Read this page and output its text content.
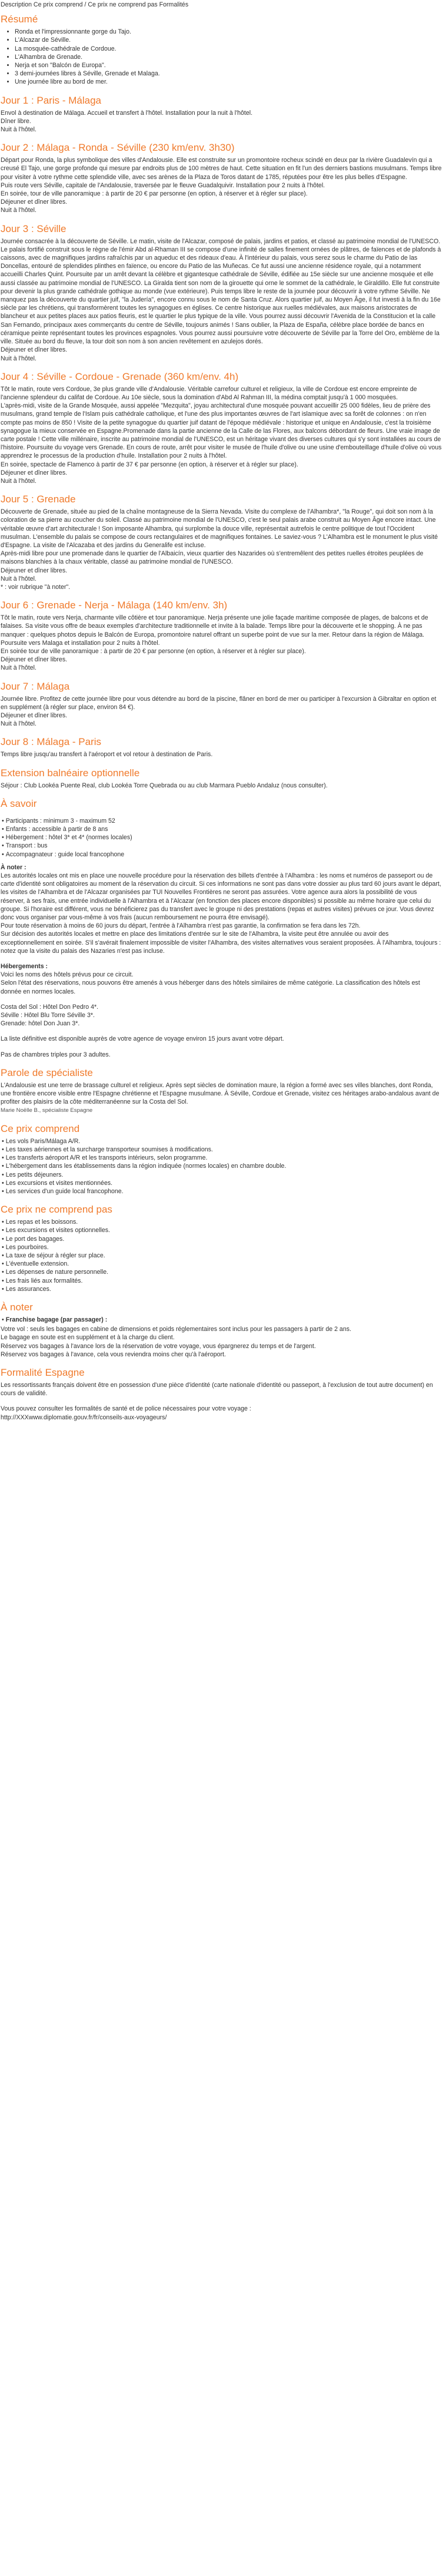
Description Ce prix comprend / Ce prix ne comprend pas Formalités

Résumé
• Ronda et l'impressionnante gorge du Tajo.
• L'Alcazar de Séville.
• La mosquée-cathédrale de Cordoue.
• L'Alhambra de Grenade.
• Nerja et son "Balcón de Europa".
• 3 demi-journées libres à Séville, Grenade et Malaga.
• Une journée libre au bord de mer.
Jour 1 : Paris - Málaga

Envol à destination de Málaga. Accueil et transfert à l'hôtel. Installation pour la nuit à l'hôtel.

Dîner libre.

Nuit à l'hôtel.

Jour 2 : Málaga - Ronda - Séville (230 km/env. 3h30)

Départ pour Ronda, la plus symbolique des villes d'Andalousie. Elle est construite sur un promontoire rocheux scindé en deux par la rivière Guadalevín qui a creusé El Tajo, une gorge profonde qui mesure par endroits plus de 100 mètres de haut. Cette situation en fit l'un des derniers bastions musulmans. Temps libre pour visiter à votre rythme cette splendide ville, avec ses arènes de la Plaza de Toros datant de 1785, réputées pour être les plus belles d'Espagne.

Puis route vers Séville, capitale de l'Andalousie, traversée par le fleuve Guadalquivir. Installation pour 2 nuits à l'hôtel.

En soirée, tour de ville panoramique : à partir de 20 € par personne (en option, à réserver et à régler sur place).

Déjeuner et dîner libres.

Nuit à l'hôtel.

Jour 3 : Séville

Journée consacrée à la découverte de Séville. Le matin, visite de l'Alcazar, composé de palais, jardins et patios, et classé au patrimoine mondial de l'UNESCO. Le palais fortifié construit sous le règne de l'émir Abd al-Rhaman III se compose d'une infinité de salles finement ornées de plâtres, de faïences et de plafonds à caissons, avec de magnifiques jardins rafraîchis par un aqueduc et des rideaux d'eau. À l'intérieur du palais, vous serez sous le charme du Patio de las Doncellas, entouré de splendides plinthes en faïence, ou encore du Patio de las Muñecas. Ce fut aussi une ancienne résidence royale, qui a notamment accueilli Charles Quint. Poursuite par un arrêt devant la célèbre et gigantesque cathédrale de Séville, édifiée au 15e siècle sur une ancienne mosquée et elle aussi classée au patrimoine mondial de l'UNESCO. La Giralda tient son nom de la girouette qui orne le sommet de la cathédrale, le Giraldillo. Elle fut construite pour devenir la plus grande cathédrale gothique au monde (vue extérieure). Puis temps libre le reste de la journée pour découvrir à votre rythme Séville. Ne manquez pas la découverte du quartier juif, "la Judería", encore connu sous le nom de Santa Cruz. Alors quartier juif, au Moyen Âge, il fut investi à la fin du 16e siècle par les chrétiens, qui transformèrent toutes les synagogues en églises. Ce centre historique aux ruelles médiévales, aux maisons aristocrates de blancheur et aux petites places aux patios fleuris, est le quartier le plus typique de la ville. Vous pourrez aussi découvrir l'Avenida de la Constitucion et la calle San Fernando, principaux axes commerçants du centre de Séville, toujours animés ! Sans oublier, la Plaza de España, célèbre place bordée de bancs en céramique peinte représentant toutes les provinces espagnoles. Vous pourrez aussi poursuivre votre découverte de Séville par la Torre del Oro, emblème de la ville. Située au bord du fleuve, la tour doit son nom à son ancien revêtement en azulejos dorés.

Déjeuner et dîner libres.

Nuit à l'hôtel.

Jour 4 : Séville - Cordoue - Grenade (360 km/env. 4h)

Tôt le matin, route vers Cordoue, 3e plus grande ville d'Andalousie. Véritable carrefour culturel et religieux, la ville de Cordoue est encore empreinte de l'ancienne splendeur du califat de Cordoue. Au 10e siècle, sous la domination d'Abd Al Rahman III, la médina comptait jusqu'à 1 000 mosquées.

L'après-midi, visite de la Grande Mosquée, aussi appelée "Mezquita", joyau architectural d'une mosquée pouvant accueillir 25 000 fidèles, lieu de prière des musulmans, grand temple de l'Islam puis cathédrale catholique, et l'une des plus importantes œuvres de l'art islamique avec sa forêt de colonnes : on n'en compte pas moins de 850 ! Visite de la petite synagogue du quartier juif datant de l'époque médiévale : historique et unique en Andalousie, c'est la troisième synagogue la mieux conservée en Espagne.Promenade dans la partie ancienne de la Calle de las Flores, aux balcons débordant de fleurs. Une vraie image de carte postale ! Cette ville millénaire, inscrite au patrimoine mondial de l'UNESCO, est un héritage vivant des diverses cultures qui s'y sont installées au cours de l'histoire. Poursuite du voyage vers Grenade. En cours de route, arrêt pour visiter le musée de l'huile d'olive ou une usine d'embouteillage d'huile d'olive où vous apprendrez le processus de la production d'huile. Installation pour 2 nuits à l'hôtel.

En soirée, spectacle de Flamenco à partir de 37 € par personne (en option, à réserver et à régler sur place).

Déjeuner et dîner libres.

Nuit à l'hôtel.

Jour 5 : Grenade

Découverte de Grenade, située au pied de la chaîne montagneuse de la Sierra Nevada. Visite du complexe de l'Alhambra*, "la Rouge", qui doit son nom à la coloration de sa pierre au coucher du soleil. Classé au patrimoine mondial de l'UNESCO, c'est le seul palais arabe construit au Moyen Âge encore intact. Une véritable œuvre d'art architecturale ! Son imposante Alhambra, qui surplombe la douce ville, représentait autrefois le centre politique de tout l'Occident musulman. L'ensemble du palais se compose de cours rectangulaires et de magnifiques fontaines. Le saviez-vous ? L'Alhambra est le monument le plus visité d'Espagne. La visite de l'Alcazaba et des jardins du Generalife est incluse.

Après-midi libre pour une promenade dans le quartier de l'Albaicín, vieux quartier des Nazarides où s'entremêlent des petites ruelles étroites peuplées de maisons blanchies à la chaux véritable, classé au patrimoine mondial de l'UNESCO.

Déjeuner et dîner libres.

Nuit à l'hôtel.

* : voir rubrique "à noter".

Jour 6 : Grenade - Nerja - Málaga (140 km/env. 3h)

Tôt le matin, route vers Nerja, charmante ville côtière et tour panoramique. Nerja présente une jolie façade maritime composée de plages, de balcons et de falaises. Sa visite vous offre de beaux exemples d'architecture traditionnelle et invite à la balade. Temps libre pour la découverte et le shopping. À ne pas manquer : quelques photos depuis le Balcón de Europa, promontoire naturel offrant un superbe point de vue sur la mer. Retour dans la région de Málaga.

Poursuite vers Malaga et installation pour 2 nuits à l'hôtel.

En soirée tour de ville panoramique : à partir de 20 € par personne (en option, à réserver et à régler sur place).

Déjeuner et dîner libres.

Nuit à l'hôtel.

Jour 7 : Málaga

Journée libre. Profitez de cette journée libre pour vous détendre au bord de la piscine, flâner en bord de mer ou participer à l'excursion à Gibraltar en option et en supplément (à régler sur place, environ 84 €).

Déjeuner et dîner libres.

Nuit à l'hôtel.

Jour 8 : Málaga - Paris

Temps libre jusqu'au transfert à l'aéroport et vol retour à destination de Paris.

Extension balnéaire optionnelle

Séjour : Club Lookéa Puente Real, club Lookéa Torre Quebrada ou au club Marmara Pueblo Andaluz (nous consulter).

À savoir
• Participants : minimum 3 - maximum 52
• Enfants : accessible à partir de 8 ans
• Hébergement : hôtel 3* et 4* (normes locales)
• Transport : bus
• Accompagnateur : guide local francophone

À noter :

Les autorités locales ont mis en place une nouvelle procédure pour la réservation des billets d'entrée à l'Alhambra : les noms et numéros de passeport ou de carte d'identité sont obligatoires au moment de la réservation du circuit. Si ces informations ne sont pas dans votre dossier au plus tard 60 jours avant le départ, les visites de l'Alhambra et de l'Alcazar organisées par TUI Nouvelles Frontières ne seront pas assurées. Votre agence aura alors la possibilité de vous réserver, à ses frais, une entrée individuelle à l'Alhambra et à l'Alcazar (en fonction des places encore disponibles) si possible au même horaire que celui du groupe. Si l'horaire est différent, vous ne bénéficierez pas du transfert avec le groupe ni des prestations (repas et autres visites) prévues ce jour. Vous devrez donc vous organiser par vous-même à vos frais (aucun remboursement ne pourra être envisagé).

Pour toute réservation à moins de 60 jours du départ, l'entrée à l'Alhambra n'est pas garantie, la confirmation se fera dans les 72h.

Sur décision des autorités locales et mettre en place des limitations d'entrée sur le site de l'Alhambra, la visite peut être annulée ou avoir des exceptionnellement en soirée. S'il s'avérait finalement impossible de visiter l'Alhambra, des visites alternatives vous seraient proposées. À l'Alhambra, toujours : notez que la visite du palais des Nazaries n'est pas incluse.

Hébergements :

Voici les noms des hôtels prévus pour ce circuit.

Selon l'état des réservations, nous pouvons être amenés à vous héberger dans des hôtels similaires de même catégorie. La classification des hôtels est donnée en normes locales.

Costa del Sol : Hôtel Don Pedro 4*.

Séville : Hôtel Blu Torre Séville 3*.

Grenade: hôtel Don Juan 3*.

La liste définitive est disponible auprès de votre agence de voyage environ 15 jours avant votre départ.

Pas de chambres triples pour 3 adultes.

Parole de spécialiste

L'Andalousie est une terre de brassage culturel et religieux. Après sept siècles de domination maure, la région a formé avec ses villes blanches, dont Ronda, une frontière encore visible entre l'Espagne chrétienne et l'Espagne musulmane. À Séville, Cordoue et Grenade, visitez ces héritages arabo-andalous avant de profiter des plaisirs de la côte méditerranéenne sur la Costa del Sol.

Marie Noëlle B., spécialiste Espagne

Ce prix comprend
• Les vols Paris/Málaga A/R.
• Les taxes aériennes et la surcharge transporteur soumises à modifications.
• Les transferts aéroport A/R et les transports intérieurs, selon programme.
• L'hébergement dans les établissements dans la région indiquée (normes locales) en chambre double.
• Les petits déjeuners.
• Les excursions et visites mentionnées.
• Les services d'un guide local francophone.
Ce prix ne comprend pas
• Les repas et les boissons.
• Les excursions et visites optionnelles.
• Le port des bagages.
• Les pourboires.
• La taxe de séjour à régler sur place.
• L'éventuelle extension.
• Les dépenses de nature personnelle.
• Les frais liés aux formalités.
• Les assurances.
À noter
• Franchise bagage (par passager) :

Votre vol : seuls les bagages en cabine de dimensions et poids réglementaires sont inclus pour les passagers à partir de 2 ans.

Le bagage en soute est en supplément et à la charge du client.

Réservez vos bagages à l'avance lors de la réservation de votre voyage, vous épargnerez du temps et de l'argent.

Réservez vos bagages à l'avance, cela vous reviendra moins cher qu'à l'aéroport.

Formalité Espagne

Les ressortissants français doivent être en possession d'une pièce d'identité (carte nationale d'identité ou passeport, à l'exclusion de tout autre document) en cours de validité.

Vous pouvez consulter les formalités de santé et de police nécessaires pour votre voyage :

http://XXXwww.diplomatie.gouv.fr/fr/conseils-aux-voyageurs/
